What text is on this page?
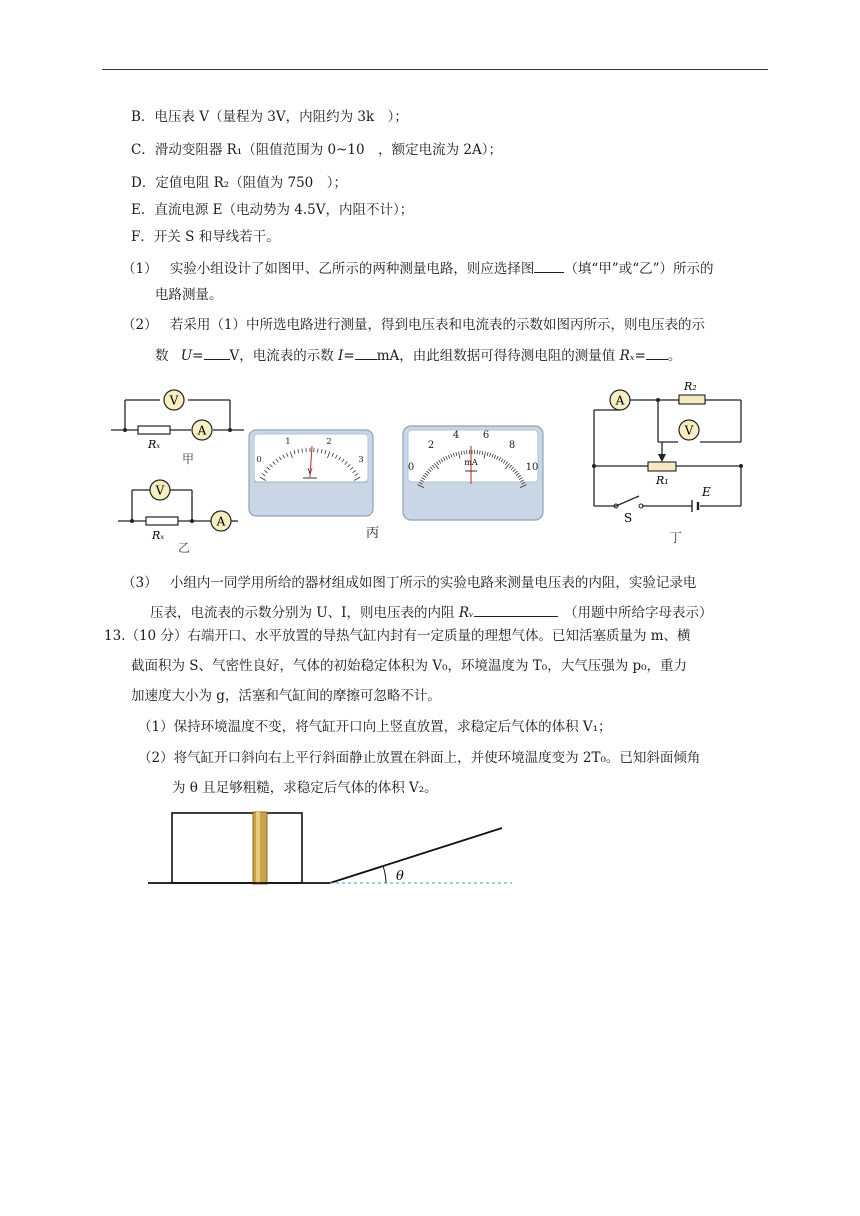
B．电压表 V（量程为 3V，内阻约为 3k　）；
C．滑动变阻器 R₁（阻值范围为 0~10　，额定电流为 2A）；
D．定值电阻 R₂（阻值为 750　）；
E．直流电源 E（电动势为 4.5V，内阻不计）；
F．开关 S 和导线若干。
（1） 实验小组设计了如图甲、乙所示的两种测量电路，则应选择图 （填“甲”或“乙”）所示的
电路测量。
（2） 若采用（1）中所选电路进行测量，得到电压表和电流表的示数如图丙所示，则电压表的示
数 U= V，电流表的示数 I= mA，由此组数据可得待测电阻的测量值 Rₓ= 。
V
A
Rₓ
甲
V
A
Rₓ
乙
0
1	2
3
V	0
2
4 6
8
10
mA
丙
A
V
R₂
R₁
S
E
丁
（3） 小组内一同学用所给的器材组成如图丁所示的实验电路来测量电压表的内阻，实验记录电
压表，电流表的示数分别为 U、I，则电压表的内阻 Rᵥ	（用题中所给字母表示）
13.（10 分）右端开口、水平放置的导热气缸内封有一定质量的理想气体。已知活塞质量为 m、横
截面积为 S、气密性良好，气体的初始稳定体积为 V₀，环境温度为 T₀，大气压强为 p₀，重力
加速度大小为 g，活塞和气缸间的摩擦可忽略不计。
（1）保持环境温度不变，将气缸开口向上竖直放置，求稳定后气体的体积 V₁；
（2）将气缸开口斜向右上平行斜面静止放置在斜面上，并使环境温度变为 2T₀。已知斜面倾角
为 θ 且足够粗糙，求稳定后气体的体积 V₂。
θ
